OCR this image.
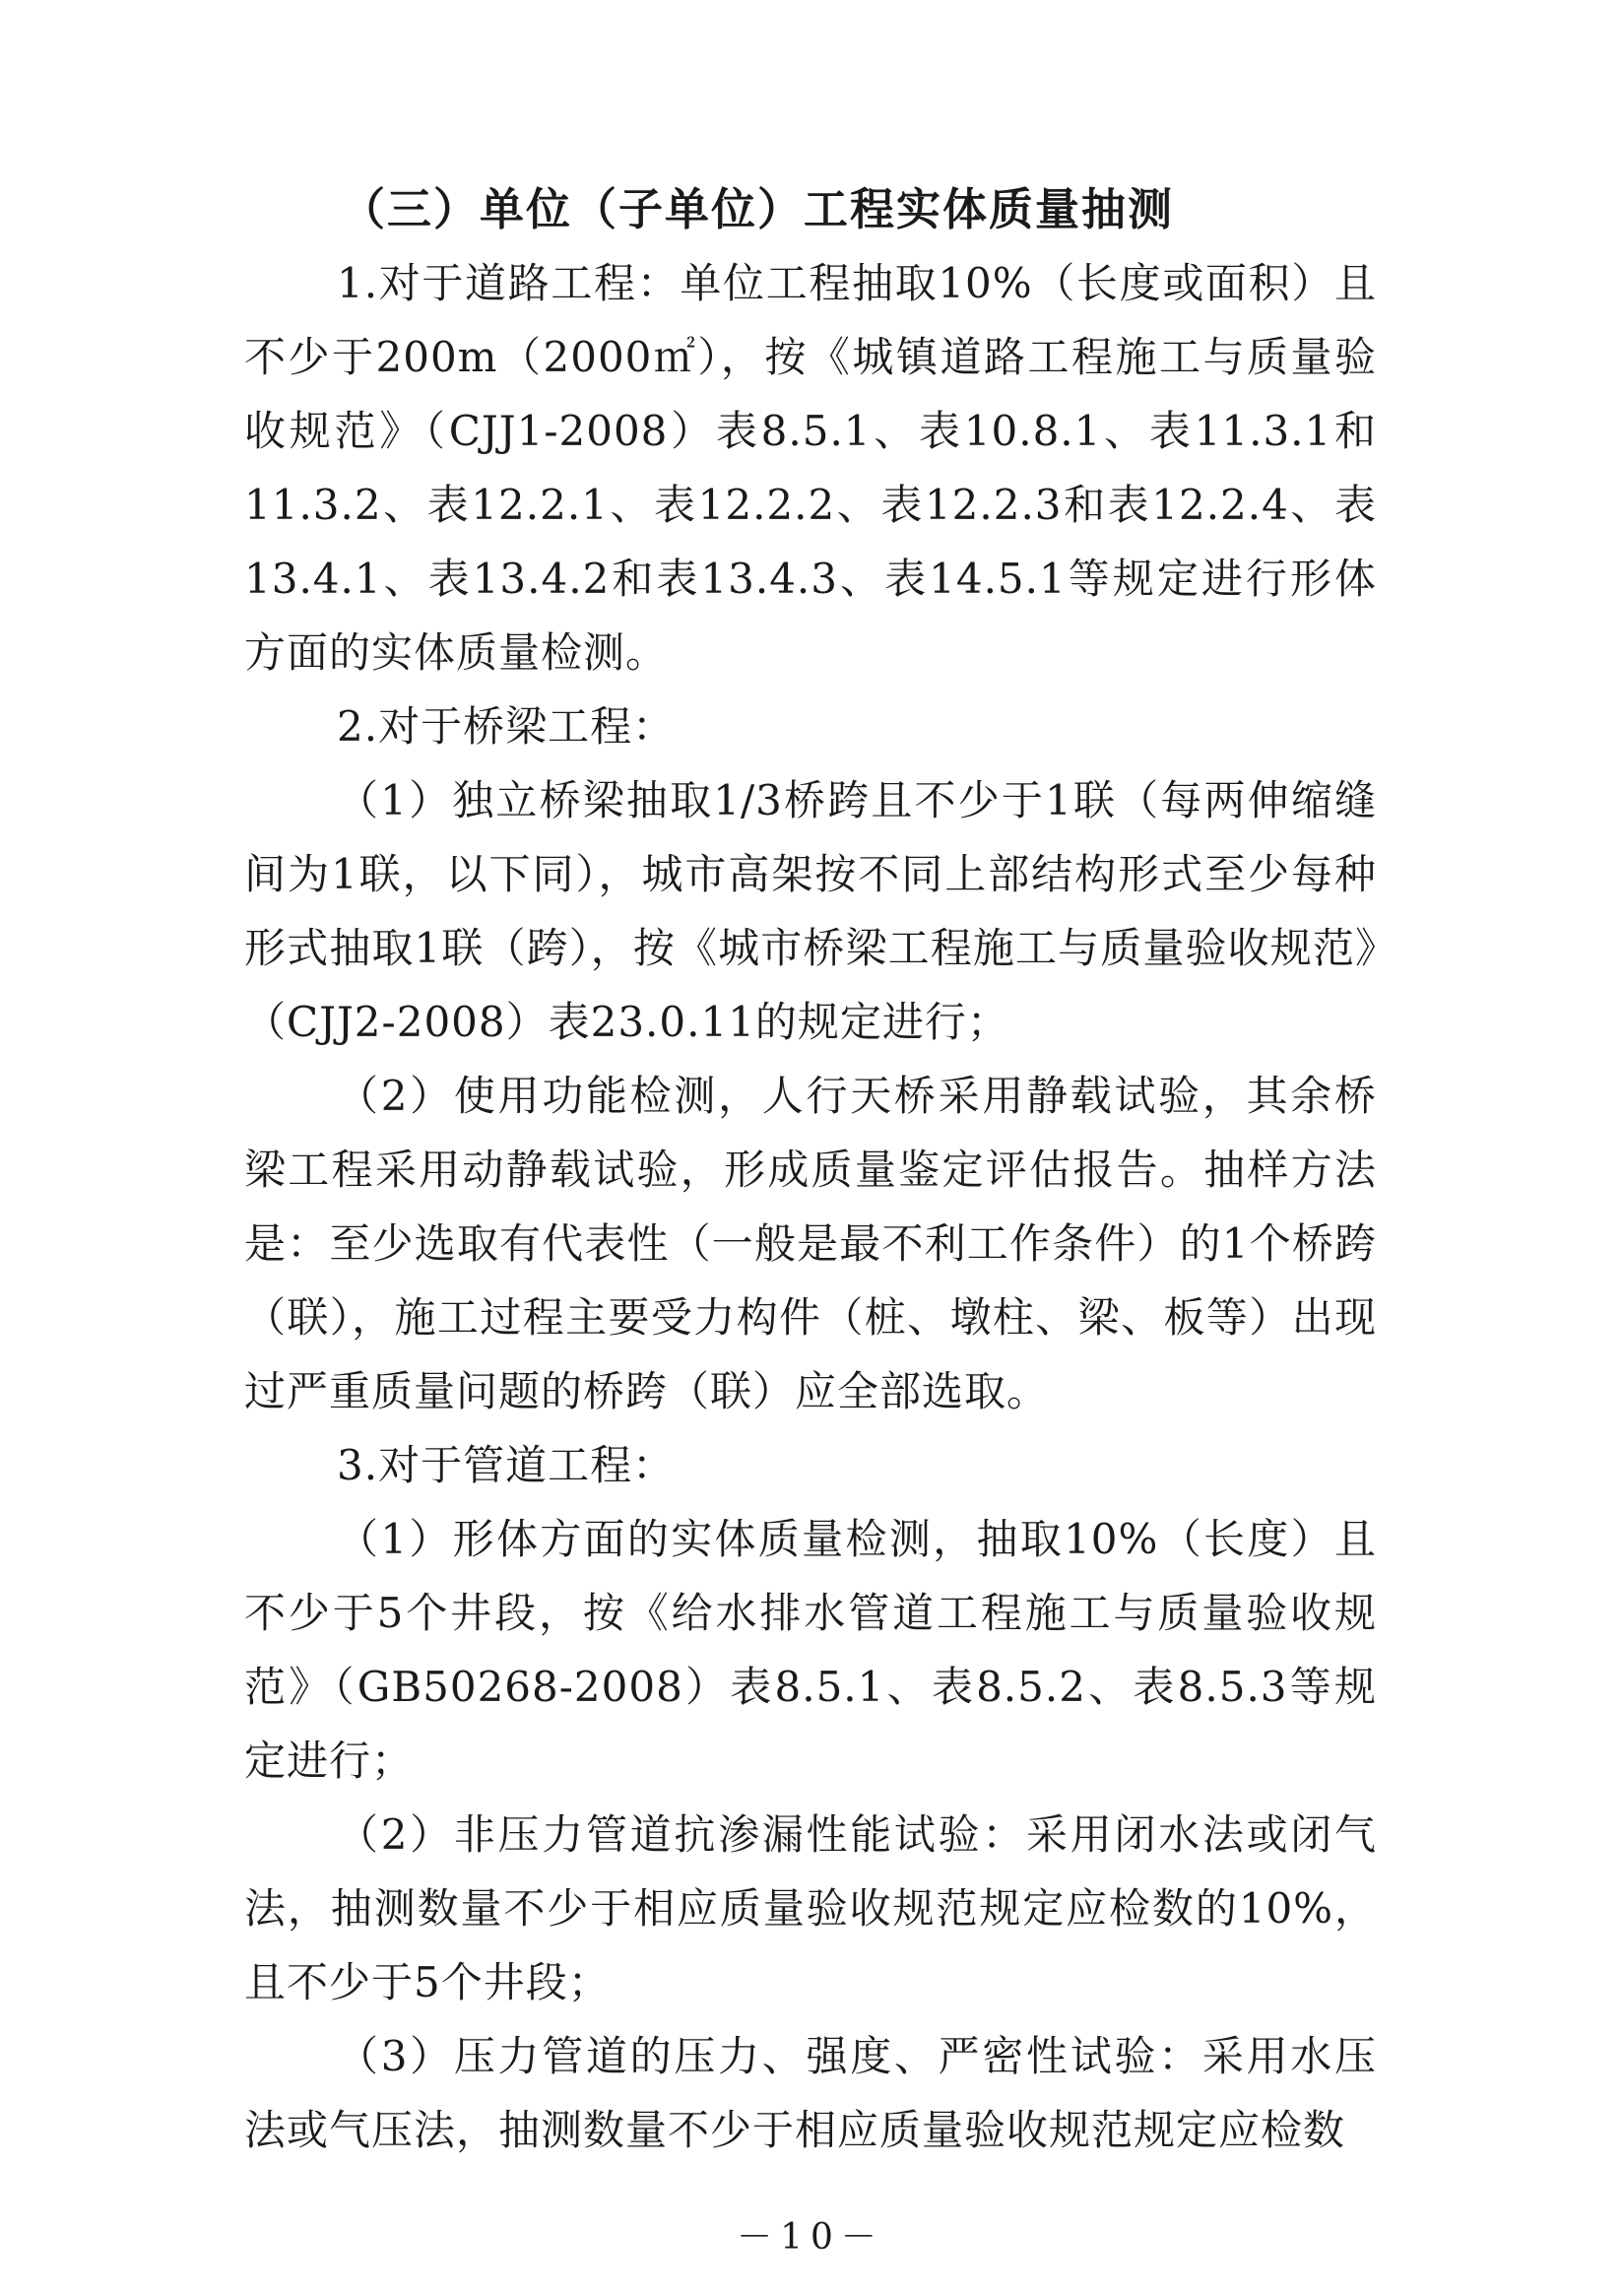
（三）单位（子单位）工程实体质量抽测

1.对于道路工程：单位工程抽取10%（长度或面积）且不少于200m（2000㎡），按《城镇道路工程施工与质量验收规范》（CJJ1-2008）表8.5.1、表10.8.1、表11.3.1和11.3.2、表12.2.1、表12.2.2、表12.2.3和表12.2.4、表13.4.1、表13.4.2和表13.4.3、表14.5.1等规定进行形体方面的实体质量检测。

2.对于桥梁工程：

（1）独立桥梁抽取1/3桥跨且不少于1联（每两伸缩缝间为1联，以下同），城市高架按不同上部结构形式至少每种形式抽取1联（跨），按《城市桥梁工程施工与质量验收规范》（CJJ2-2008）表23.0.11的规定进行；

（2）使用功能检测，人行天桥采用静载试验，其余桥梁工程采用动静载试验，形成质量鉴定评估报告。抽样方法是：至少选取有代表性（一般是最不利工作条件）的1个桥跨（联），施工过程主要受力构件（桩、墩柱、梁、板等）出现过严重质量问题的桥跨（联）应全部选取。

3.对于管道工程：

（1）形体方面的实体质量检测，抽取10%（长度）且不少于5个井段，按《给水排水管道工程施工与质量验收规范》（GB50268-2008）表8.5.1、表8.5.2、表8.5.3等规定进行；

（2）非压力管道抗渗漏性能试验：采用闭水法或闭气法，抽测数量不少于相应质量验收规范规定应检数的10%，且不少于5个井段；

（3）压力管道的压力、强度、严密性试验：采用水压法或气压法，抽测数量不少于相应质量验收规范规定应检数

－10－
